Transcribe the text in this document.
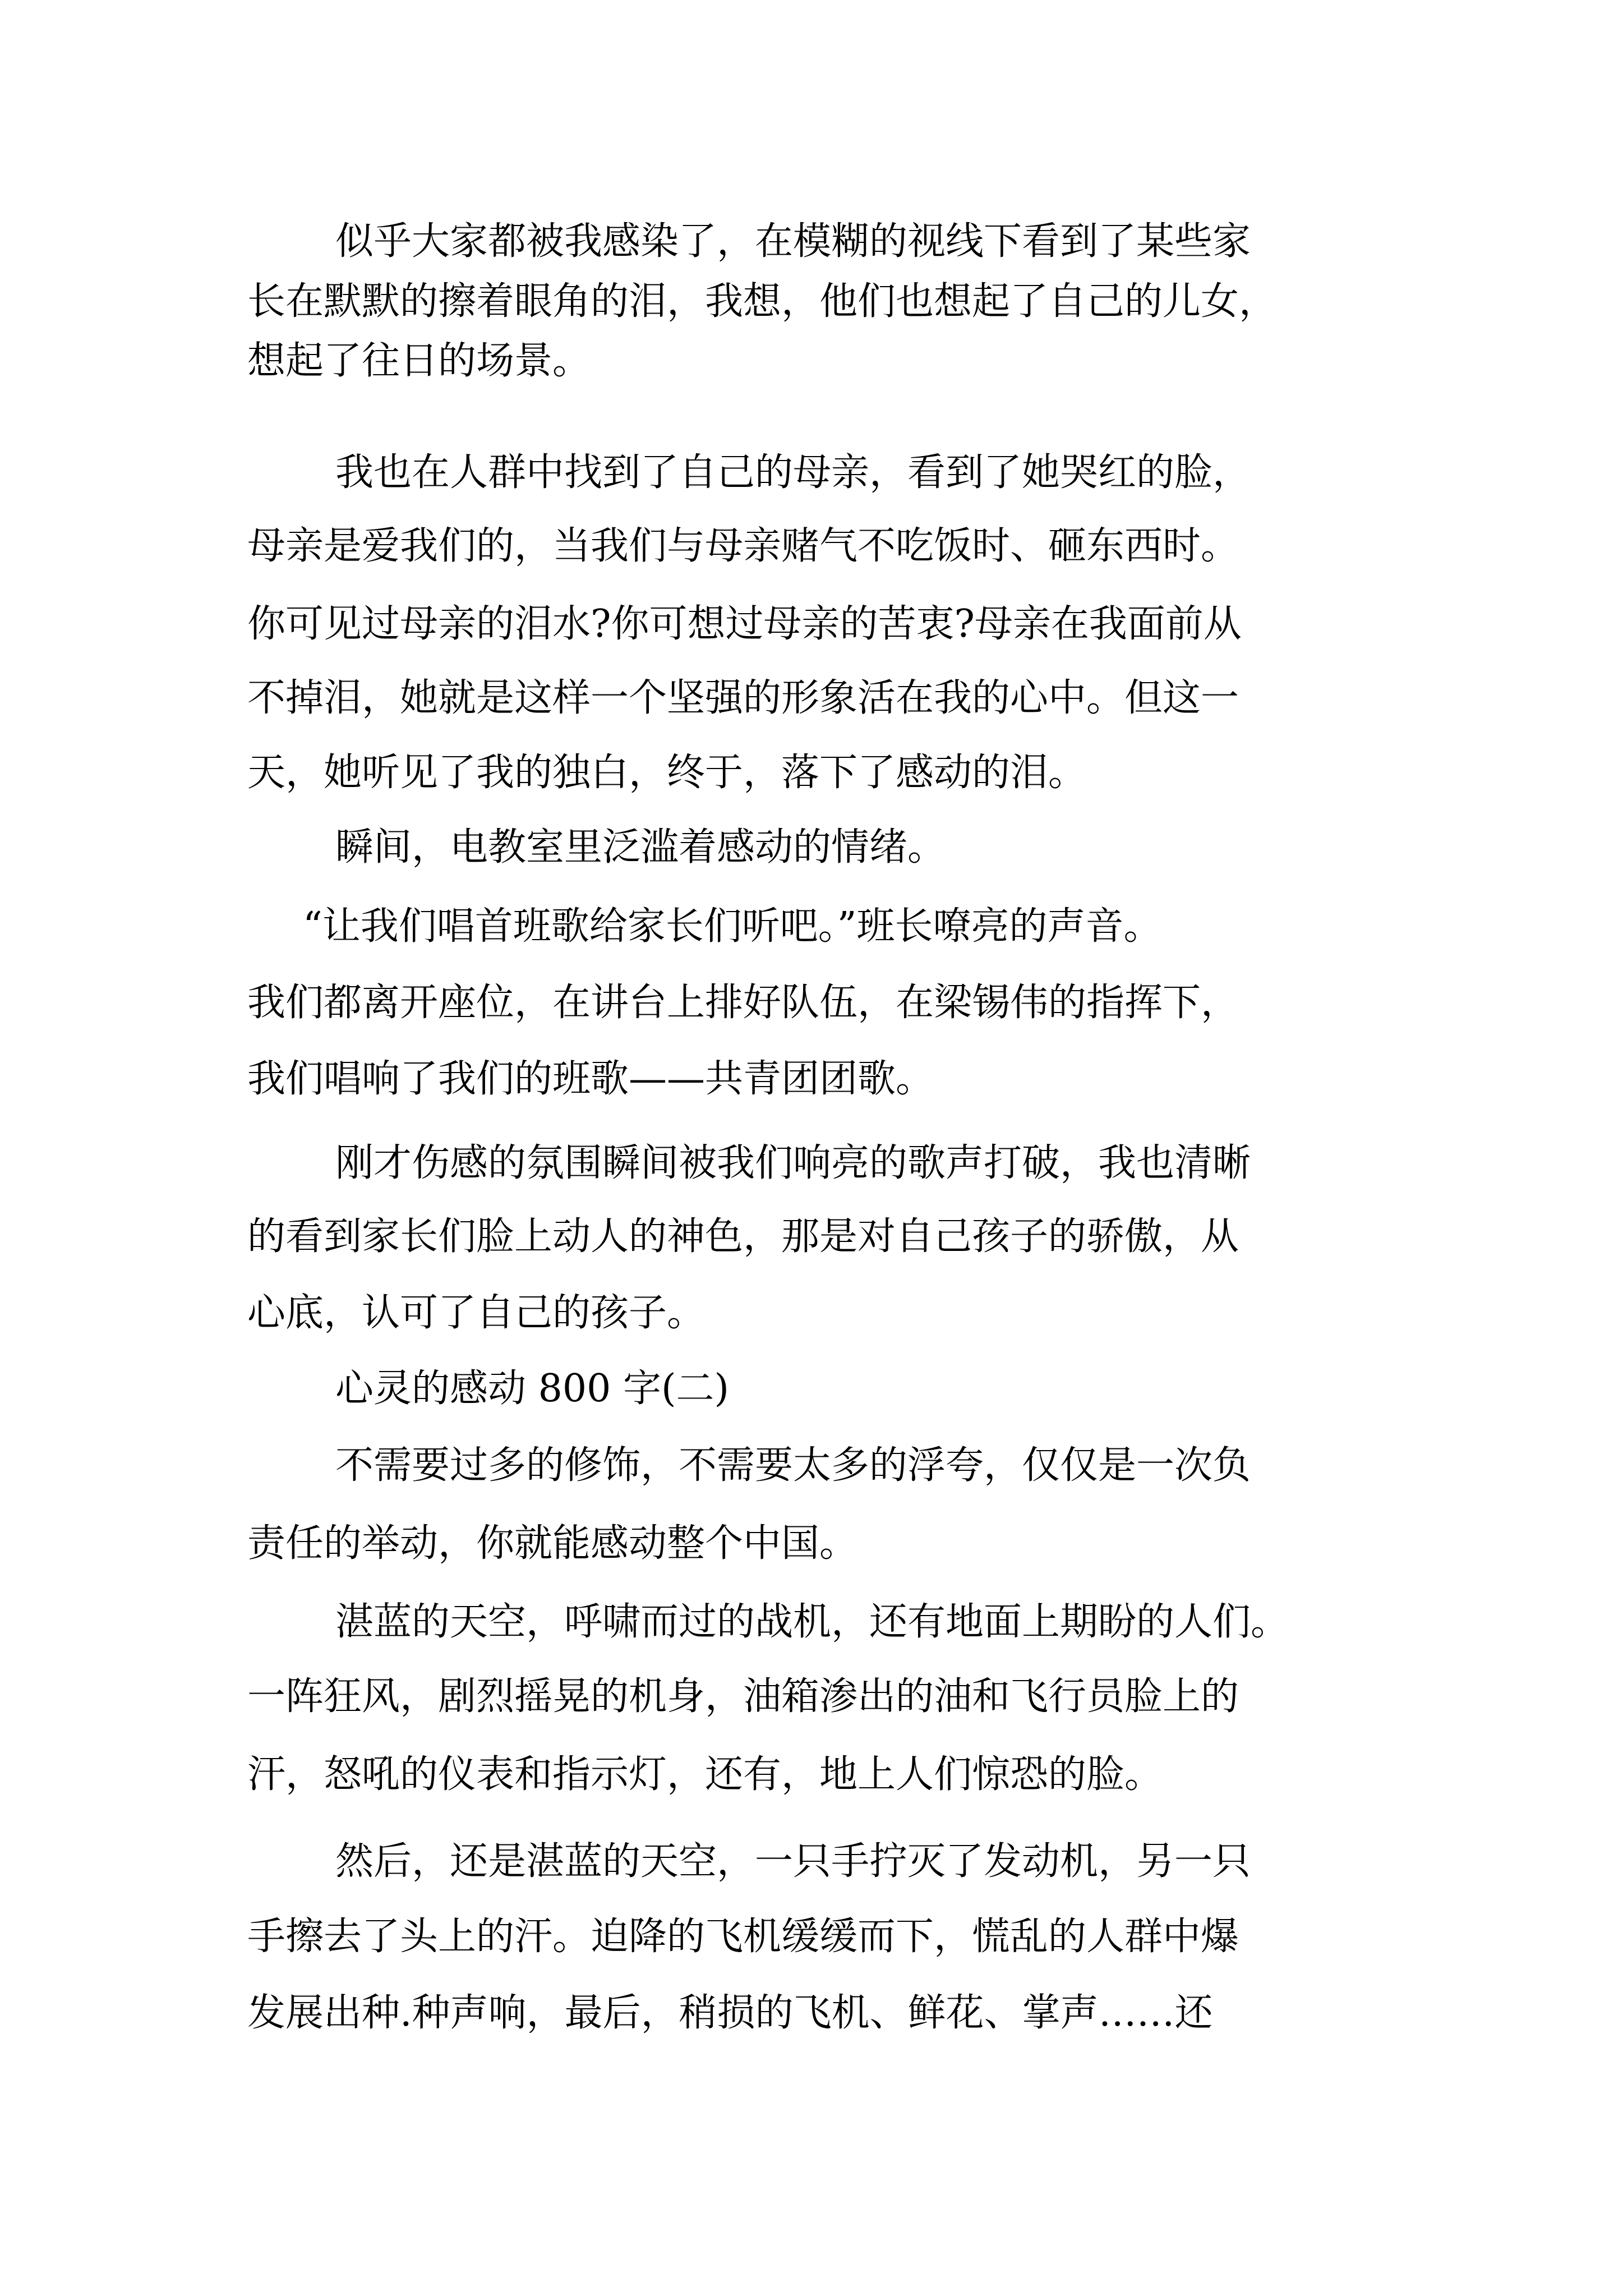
似乎大家都被我感染了，在模糊的视线下看到了某些家

长在默默的擦着眼角的泪，我想，他们也想起了自己的儿女，

想起了往日的场景。

我也在人群中找到了自己的母亲，看到了她哭红的脸，

母亲是爱我们的，当我们与母亲赌气不吃饭时、砸东西时。

你可见过母亲的泪水?你可想过母亲的苦衷?母亲在我面前从

不掉泪，她就是这样一个坚强的形象活在我的心中。但这一

天，她听见了我的独白，终于，落下了感动的泪。

瞬间，电教室里泛滥着感动的情绪。

“让我们唱首班歌给家长们听吧。”班长嘹亮的声音。

我们都离开座位，在讲台上排好队伍，在梁锡伟的指挥下，

我们唱响了我们的班歌——共青团团歌。

刚才伤感的氛围瞬间被我们响亮的歌声打破，我也清晰

的看到家长们脸上动人的神色，那是对自己孩子的骄傲，从

心底，认可了自己的孩子。

心灵的感动 800 字(二)

不需要过多的修饰，不需要太多的浮夸，仅仅是一次负

责任的举动，你就能感动整个中国。

湛蓝的天空，呼啸而过的战机，还有地面上期盼的人们。

一阵狂风，剧烈摇晃的机身，油箱渗出的油和飞行员脸上的

汗，怒吼的仪表和指示灯，还有，地上人们惊恐的脸。

然后，还是湛蓝的天空，一只手拧灭了发动机，另一只

手擦去了头上的汗。迫降的飞机缓缓而下，慌乱的人群中爆

发展出种.种声响，最后，稍损的飞机、鲜花、掌声……还
